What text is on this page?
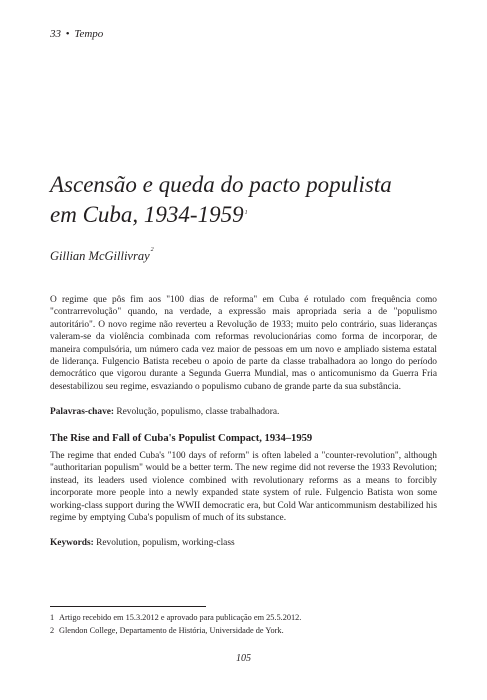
33 • Tempo
Ascensão e queda do pacto populista
em Cuba, 1934-1959$^1$
Gillian McGillivray$^2$

O regime que pôs fim aos "100 dias de reforma" em Cuba é rotulado com frequência como "contrarrevolução" quando, na verdade, a expressão mais apropriada seria a de "populismo autoritário". O novo regime não reverteu a Revolução de 1933; muito pelo contrário, suas lideranças valeram-se da violência combinada com reformas revolucionárias como forma de incorporar, de maneira compulsória, um número cada vez maior de pessoas em um novo e ampliado sistema estatal de liderança. Fulgencio Batista recebeu o apoio de parte da classe trabalhadora ao longo do período democrático que vigorou durante a Segunda Guerra Mundial, mas o anticomunismo da Guerra Fria desestabilizou seu regime, esvaziando o populismo cubano de grande parte da sua substância.

Palavras-chave: Revolução, populismo, classe trabalhadora.

The Rise and Fall of Cuba's Populist Compact, 1934–1959

The regime that ended Cuba's "100 days of reform" is often labeled a "counter-revolution", although "authoritarian populism" would be a better term. The new regime did not reverse the 1933 Revolution; instead, its leaders used violence combined with revolutionary reforms as a means to forcibly incorporate more people into a newly expanded state system of rule. Fulgencio Batista won some working-class support during the WWII democratic era, but Cold War anticommunism destabilized his regime by emptying Cuba's populism of much of its substance.

Keywords: Revolution, populism, working-class

1 Artigo recebido em 15.3.2012 e aprovado para publicação em 25.5.2012.
2 Glendon College, Departamento de História, Universidade de York.
105
